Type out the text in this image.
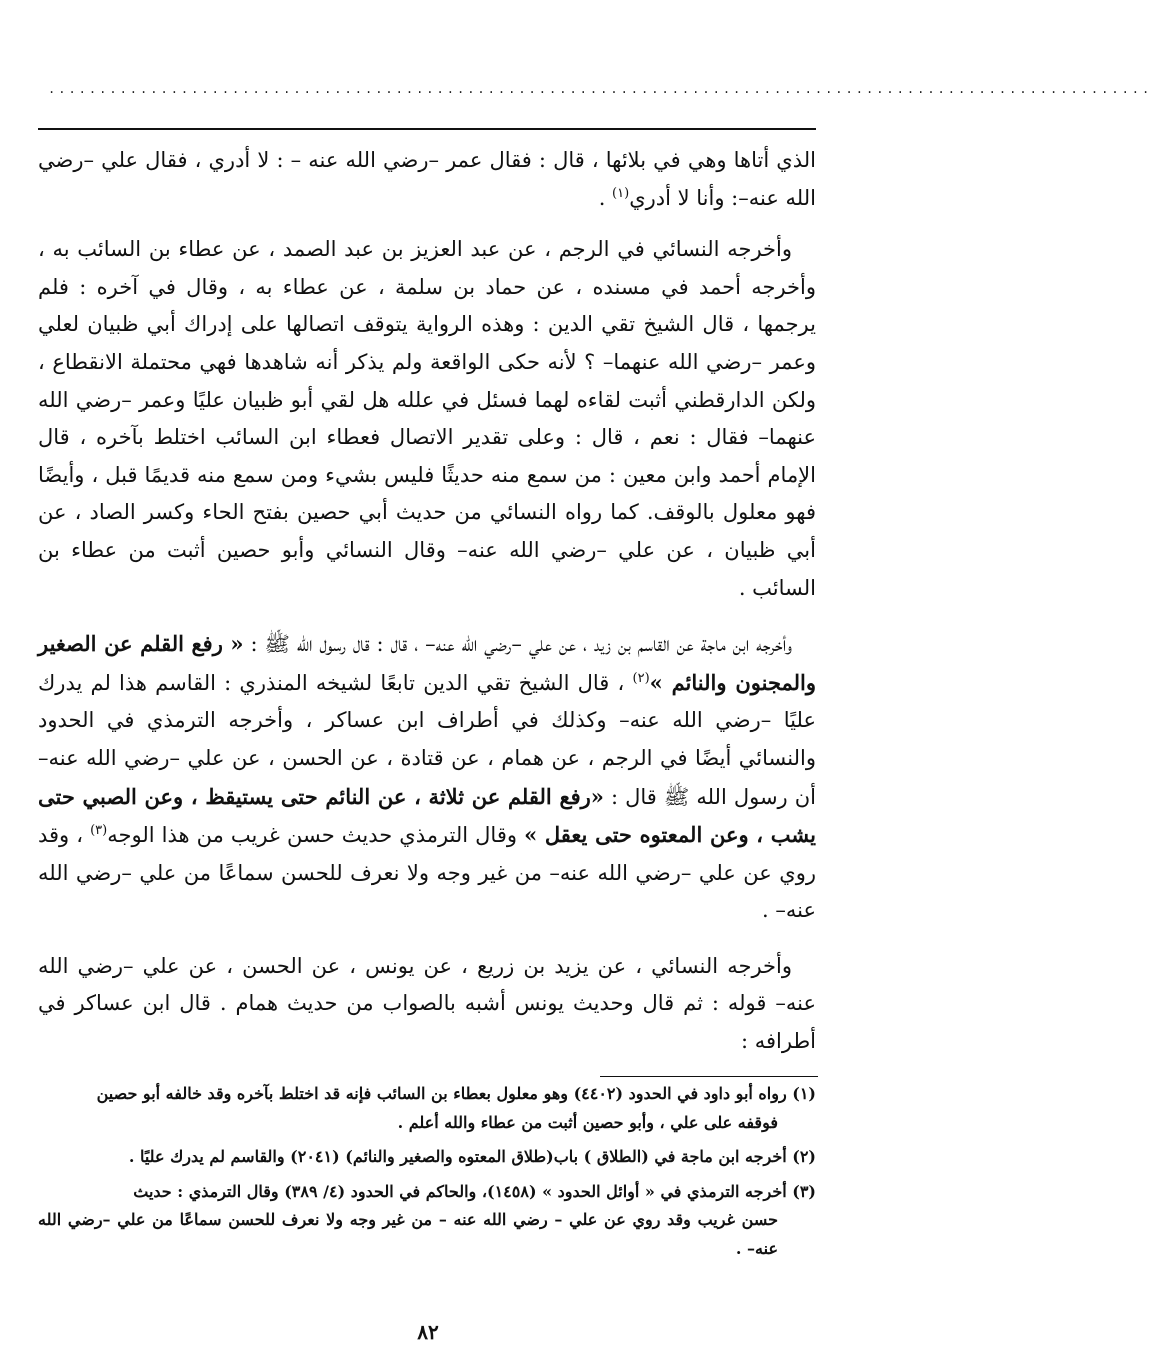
............................................................................................................

الذي أتاها وهي في بلائها ، قال : فقال عمر –رضي الله عنه – : لا أدري ، فقال علي –رضي الله عنه–: وأنا لا أدري$^{(١)}$ .

وأخرجه النسائي في الرجم ، عن عبد العزيز بن عبد الصمد ، عن عطاء بن السائب به ، وأخرجه أحمد في مسنده ، عن حماد بن سلمة ، عن عطاء به ، وقال في آخره : فلم يرجمها ، قال الشيخ تقي الدين : وهذه الرواية يتوقف اتصالها على إدراك أبي ظبيان لعلي وعمر –رضي الله عنهما– ؟ لأنه حكى الواقعة ولم يذكر أنه شاهدها فهي محتملة الانقطاع ، ولكن الدارقطني أثبت لقاءه لهما فسئل في علله هل لقي أبو ظبيان عليًا وعمر –رضي الله عنهما– فقال : نعم ، قال : وعلى تقدير الاتصال فعطاء ابن السائب اختلط بآخره ، قال الإمام أحمد وابن معين : من سمع منه حديثًا فليس بشيء ومن سمع منه قديمًا قبل ، وأيضًا فهو معلول بالوقف. كما رواه النسائي من حديث أبي حصين بفتح الحاء وكسر الصاد ، عن أبي ظبيان ، عن علي –رضي الله عنه– وقال النسائي وأبو حصين أثبت من عطاء بن السائب .

وأخرجه ابن ماجة عن القاسم بن زيد ، عن علي –رضي الله عنه– ، قال : قال رسول الله ﷺ : « رفع القلم عن الصغير والمجنون والنائم »$^{(٢)}$ ، قال الشيخ تقي الدين تابعًا لشيخه المنذري : القاسم هذا لم يدرك عليًا –رضي الله عنه– وكذلك في أطراف ابن عساكر ، وأخرجه الترمذي في الحدود والنسائي أيضًا في الرجم ، عن همام ، عن قتادة ، عن الحسن ، عن علي –رضي الله عنه– أن رسول الله ﷺ قال : «رفع القلم عن ثلاثة ، عن النائم حتى يستيقظ ، وعن الصبي حتى يشب ، وعن المعتوه حتى يعقل » وقال الترمذي حديث حسن غريب من هذا الوجه$^{(٣)}$ ، وقد روي عن علي –رضي الله عنه– من غير وجه ولا نعرف للحسن سماعًا من علي –رضي الله عنه– .

وأخرجه النسائي ، عن يزيد بن زريع ، عن يونس ، عن الحسن ، عن علي –رضي الله عنه– قوله : ثم قال وحديث يونس أشبه بالصواب من حديث همام . قال ابن عساكر في أطرافه :

(١) رواه أبو داود في الحدود (٤٤٠٢) وهو معلول بعطاء بن السائب فإنه قد اختلط بآخره وقد خالفه أبو حصين
فوقفه على علي ، وأبو حصين أثبت من عطاء والله أعلم .
(٢) أخرجه ابن ماجة في (الطلاق ) باب(طلاق المعتوه والصغير والنائم) (٢٠٤١) والقاسم لم يدرك عليًا .
(٣) أخرجه الترمذي في « أوائل الحدود » (١٤٥٨)، والحاكم في الحدود (٤/ ٣٨٩) وقال الترمذي : حديث
حسن غريب وقد روي عن علي – رضي الله عنه – من غير وجه ولا نعرف للحسن سماعًا من علي –رضي الله عنه– .
٨٢
